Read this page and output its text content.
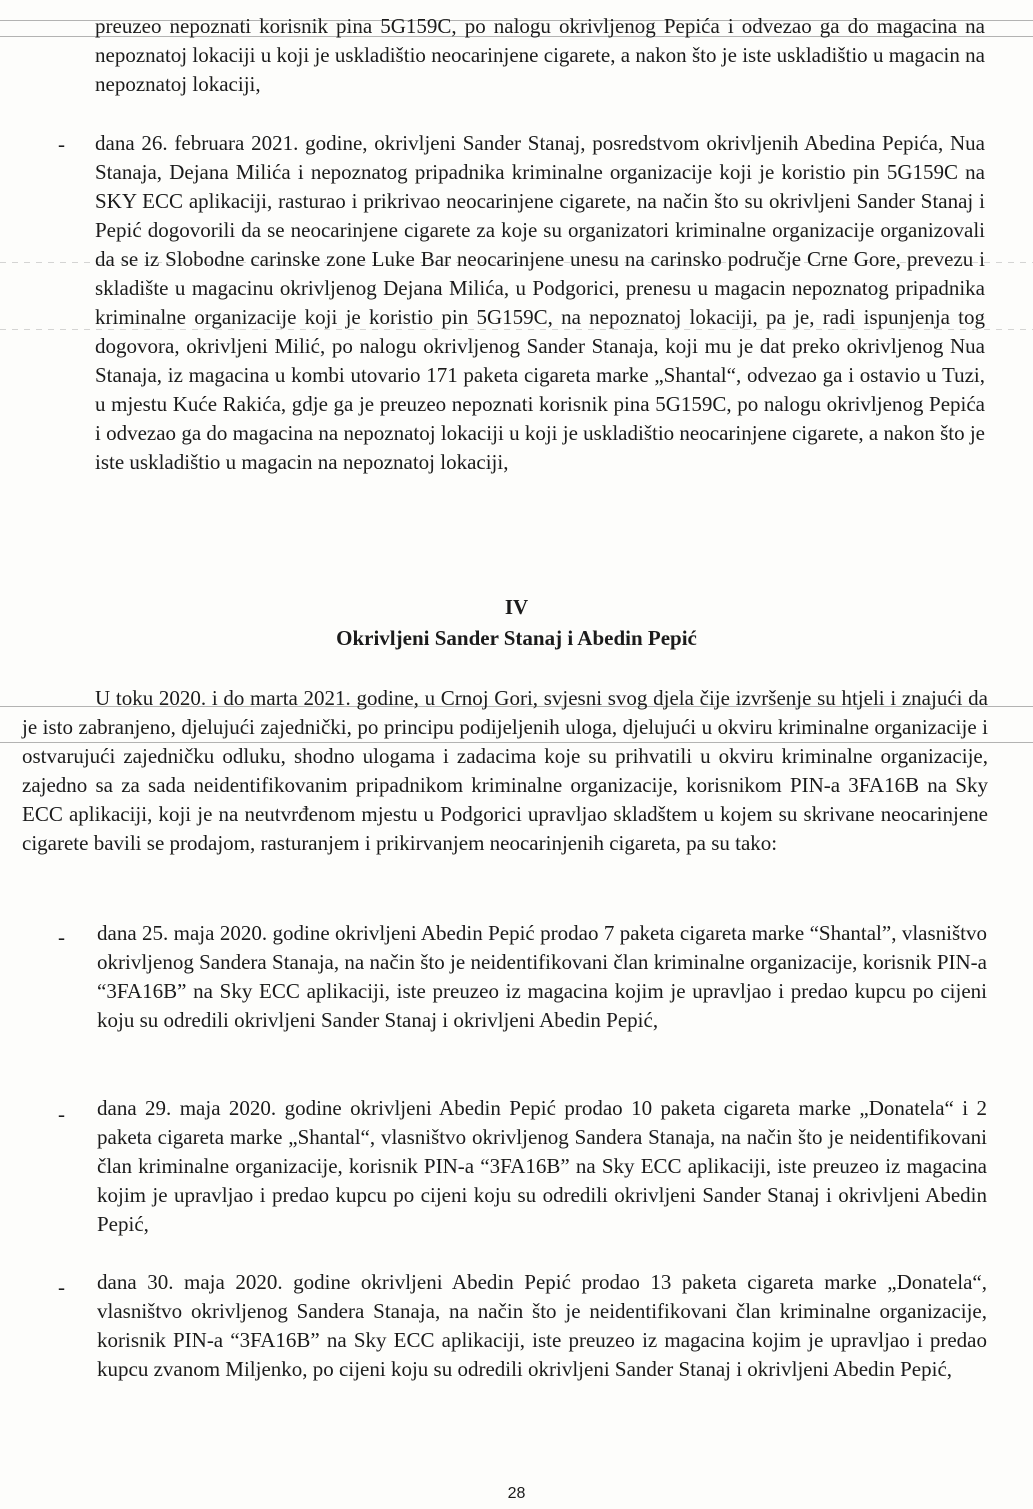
preuzeo nepoznati korisnik pina 5G159C, po nalogu okrivljenog Pepića i odvezao ga do magacina na nepoznatoj lokaciji u koji je uskladištio neocarinjene cigarete, a nakon što je iste uskladištio u magacin na nepoznatoj lokaciji,
-	dana 26. februara 2021. godine, okrivljeni Sander Stanaj, posredstvom okrivljenih Abedina Pepića, Nua Stanaja, Dejana Milića i nepoznatog pripadnika kriminalne organizacije koji je koristio pin 5G159C na SKY ECC aplikaciji, rasturao i prikrivao neocarinjene cigarete, na način što su okrivljeni Sander Stanaj i Pepić dogovorili da se neocarinjene cigarete za koje su organizatori kriminalne organizacije organizovali da se iz Slobodne carinske zone Luke Bar neocarinjene unesu na carinsko područje Crne Gore, prevezu i skladište u magacinu okrivljenog Dejana Milića, u Podgorici, prenesu u magacin nepoznatog pripadnika kriminalne organizacije koji je koristio pin 5G159C, na nepoznatoj lokaciji, pa je, radi ispunjenja tog dogovora, okrivljeni Milić, po nalogu okrivljenog Sander Stanaja, koji mu je dat preko okrivljenog Nua Stanaja, iz magacina u kombi utovario 171 paketa cigareta marke „Shantal“, odvezao ga i ostavio u Tuzi, u mjestu Kuće Rakića, gdje ga je preuzeo nepoznati korisnik pina 5G159C, po nalogu okrivljenog Pepića i odvezao ga do magacina na nepoznatoj lokaciji u koji je uskladištio neocarinjene cigarete, a nakon što je iste uskladištio u magacin na nepoznatoj lokaciji,
IV
Okrivljeni Sander Stanaj i Abedin Pepić
U toku 2020. i do marta 2021. godine, u Crnoj Gori, svjesni svog djela čije izvršenje su htjeli i znajući da je isto zabranjeno, djelujući zajednički, po principu podijeljenih uloga, djelujući u okviru kriminalne organizacije i ostvarujući zajedničku odluku, shodno ulogama i zadacima koje su prihvatili u okviru kriminalne organizacije, zajedno sa za sada neidentifikovanim pripadnikom kriminalne organizacije, korisnikom PIN-a 3FA16B na Sky ECC aplikaciji, koji je na neutvrđenom mjestu u Podgorici upravljao skladštem u kojem su skrivane neocarinjene cigarete bavili se prodajom, rasturanjem i prikirvanjem neocarinjenih cigareta, pa su tako:
-	dana 25. maja 2020. godine okrivljeni Abedin Pepić prodao 7 paketa cigareta marke “Shantal”, vlasništvo okrivljenog Sandera Stanaja, na način što je neidentifikovani član kriminalne organizacije, korisnik PIN-a “3FA16B” na Sky ECC aplikaciji, iste preuzeo iz magacina kojim je upravljao i predao kupcu po cijeni koju su odredili okrivljeni Sander Stanaj i okrivljeni Abedin Pepić,
-	dana 29. maja 2020. godine okrivljeni Abedin Pepić prodao 10 paketa cigareta marke „Donatela“ i 2 paketa cigareta marke „Shantal“, vlasništvo okrivljenog Sandera Stanaja, na način što je neidentifikovani član kriminalne organizacije, korisnik PIN-a “3FA16B” na Sky ECC aplikaciji, iste preuzeo iz magacina kojim je upravljao i predao kupcu po cijeni koju su odredili okrivljeni Sander Stanaj i okrivljeni Abedin Pepić,
-	dana 30. maja 2020. godine okrivljeni Abedin Pepić prodao 13 paketa cigareta marke „Donatela“, vlasništvo okrivljenog Sandera Stanaja, na način što je neidentifikovani član kriminalne organizacije, korisnik PIN-a “3FA16B” na Sky ECC aplikaciji, iste preuzeo iz magacina kojim je upravljao i predao kupcu zvanom Miljenko, po cijeni koju su odredili okrivljeni Sander Stanaj i okrivljeni Abedin Pepić,
28
